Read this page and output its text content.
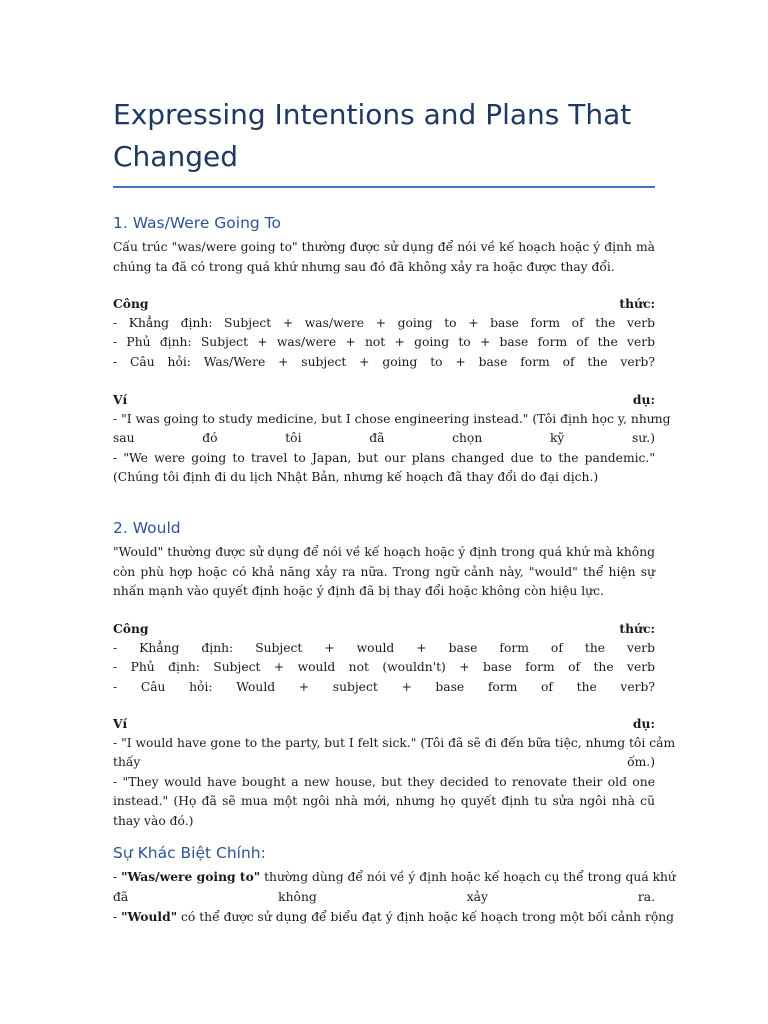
Expressing Intentions and Plans That Changed
1. Was/Were Going To
Cấu trúc "was/were going to" thường được sử dụng để nói về kế hoạch hoặc ý định mà chúng ta đã có trong quá khứ nhưng sau đó đã không xảy ra hoặc được thay đổi.
Công	thức:
- Khẳng định: Subject + was/were + going to + base form of the verb
- Phủ định: Subject + was/were + not + going to + base form of the verb
- Câu hỏi: Was/Were + subject + going to + base form of the verb?
Ví	dụ:
- "I was going to study medicine, but I chose engineering instead." (Tôi định học y, nhưng
sau đó tôi đã chọn kỹ sư.)
- "We were going to travel to Japan, but our plans changed due to the pandemic." (Chúng tôi định đi du lịch Nhật Bản, nhưng kế hoạch đã thay đổi do đại dịch.)
2. Would
"Would" thường được sử dụng để nói về kế hoạch hoặc ý định trong quá khứ mà không còn phù hợp hoặc có khả năng xảy ra nữa. Trong ngữ cảnh này, "would" thể hiện sự nhấn mạnh vào quyết định hoặc ý định đã bị thay đổi hoặc không còn hiệu lực.
Công	thức:
- Khẳng định: Subject + would + base form of the verb
- Phủ định: Subject + would not (wouldn't) + base form of the verb
- Câu hỏi: Would + subject + base form of the verb?
Ví	dụ:
- "I would have gone to the party, but I felt sick." (Tôi đã sẽ đi đến bữa tiệc, nhưng tôi cảm
thấy ốm.)
- "They would have bought a new house, but they decided to renovate their old one instead." (Họ đã sẽ mua một ngôi nhà mới, nhưng họ quyết định tu sửa ngôi nhà cũ thay vào đó.)
Sự Khác Biệt Chính:
- "Was/were going to" thường dùng để nói về ý định hoặc kế hoạch cụ thể trong quá khứ
đã không xảy ra.
- "Would" có thể được sử dụng để biểu đạt ý định hoặc kế hoạch trong một bối cảnh rộng
